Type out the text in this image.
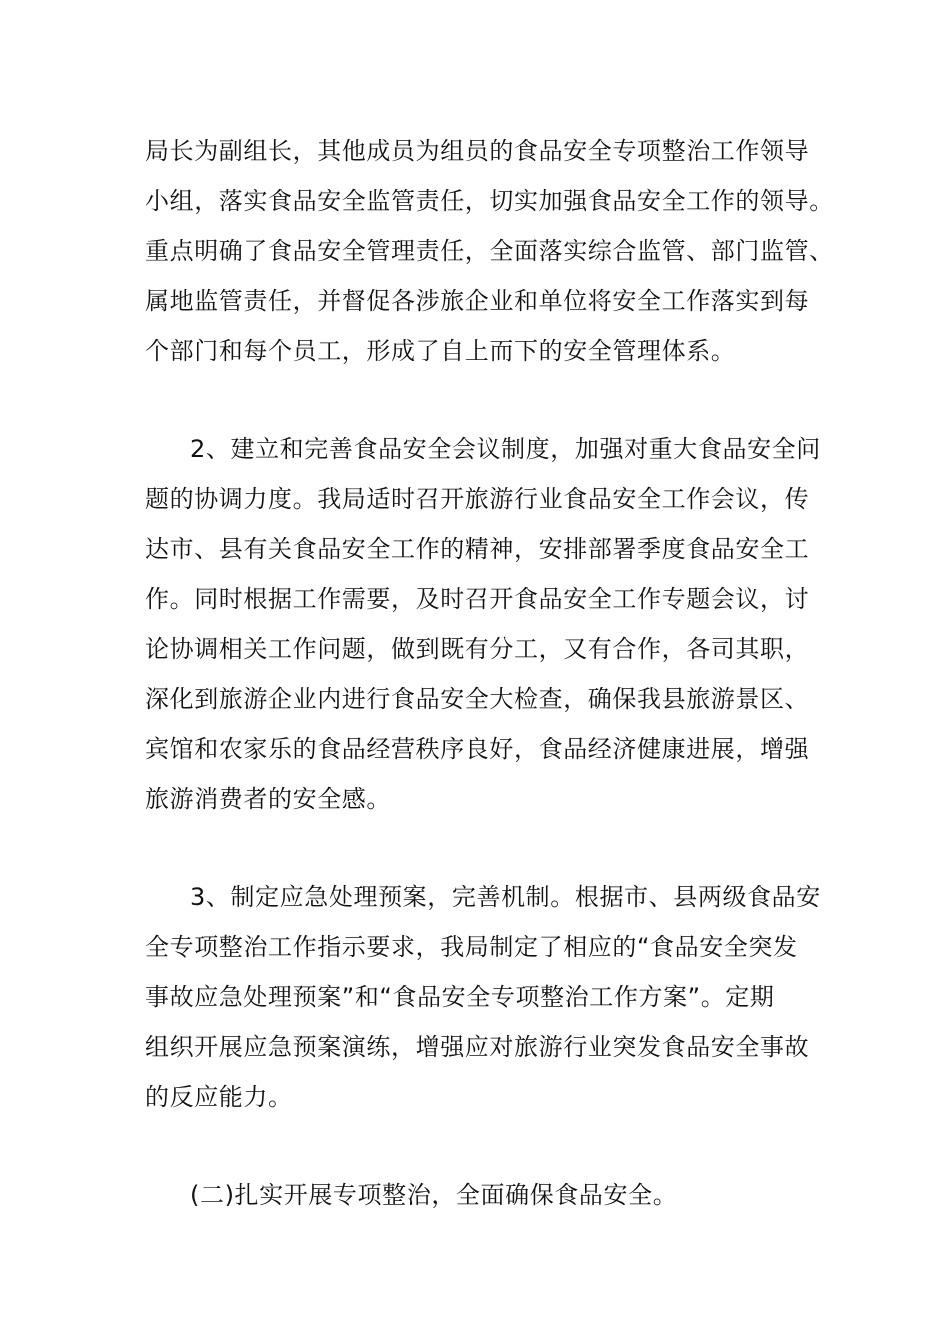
局长为副组长，其他成员为组员的食品安全专项整治工作领导
小组，落实食品安全监管责任，切实加强食品安全工作的领导。
重点明确了食品安全管理责任，全面落实综合监管、部门监管、
属地监管责任，并督促各涉旅企业和单位将安全工作落实到每
个部门和每个员工，形成了自上而下的安全管理体系。
2、建立和完善食品安全会议制度，加强对重大食品安全问
题的协调力度。我局适时召开旅游行业食品安全工作会议，传
达市、县有关食品安全工作的精神，安排部署季度食品安全工
作。同时根据工作需要，及时召开食品安全工作专题会议，讨
论协调相关工作问题，做到既有分工，又有合作，各司其职，
深化到旅游企业内进行食品安全大检查，确保我县旅游景区、
宾馆和农家乐的食品经营秩序良好，食品经济健康进展，增强
旅游消费者的安全感。
3、制定应急处理预案，完善机制。根据市、县两级食品安
全专项整治工作指示要求，我局制定了相应的“食品安全突发
事故应急处理预案”和“食品安全专项整治工作方案”。定期
组织开展应急预案演练，增强应对旅游行业突发食品安全事故
的反应能力。
(二)扎实开展专项整治，全面确保食品安全。
